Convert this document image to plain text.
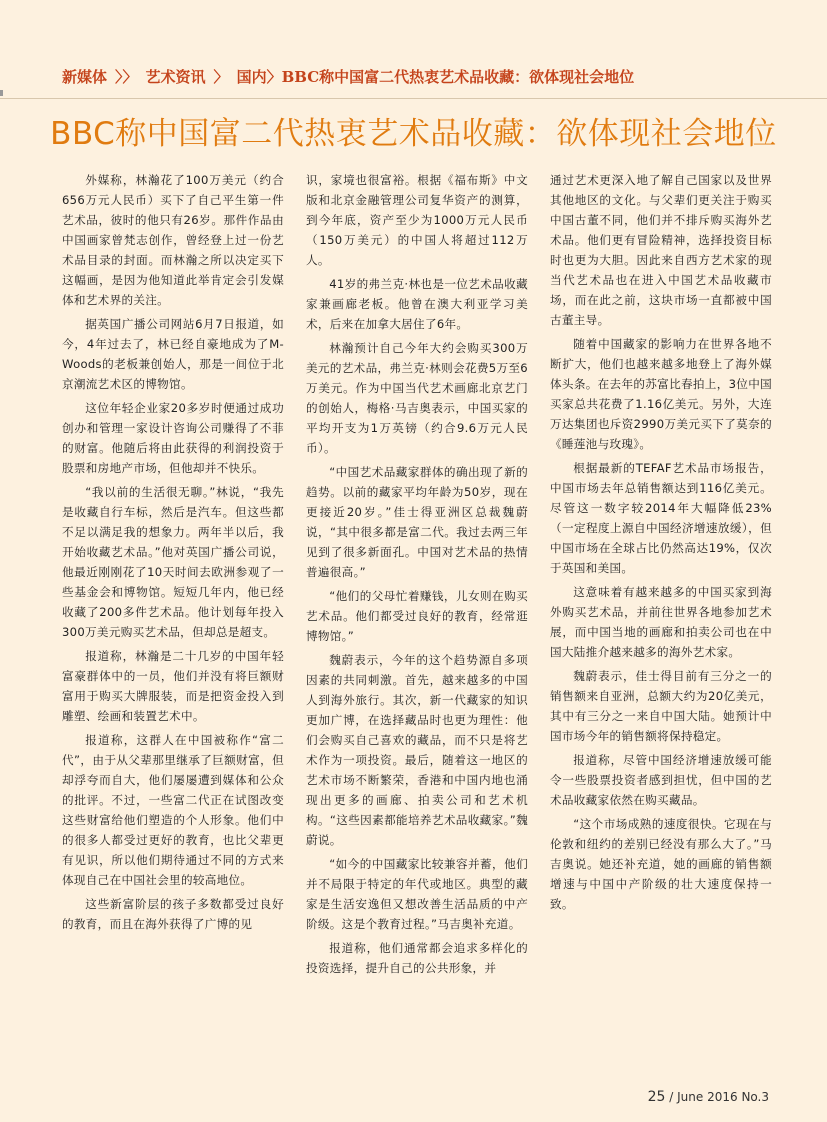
新媒体 〉〉 艺术资讯 〉 国内〉BBC称中国富二代热衷艺术品收藏：欲体现社会地位
BBC称中国富二代热衷艺术品收藏：欲体现社会地位

外媒称，林瀚花了100万美元（约合656万元人民币）买下了自己平生第一件艺术品，彼时的他只有26岁。那件作品由中国画家曾梵志创作，曾经登上过一份艺术品目录的封面。而林瀚之所以决定买下这幅画，是因为他知道此举肯定会引发媒体和艺术界的关注。

据英国广播公司网站6月7日报道，如今，4年过去了，林已经自豪地成为了M-Woods的老板兼创始人，那是一间位于北京潮流艺术区的博物馆。

这位年轻企业家20多岁时便通过成功创办和管理一家设计咨询公司赚得了不菲的财富。他随后将由此获得的利润投资于股票和房地产市场，但他却并不快乐。

“我以前的生活很无聊。”林说，“我先是收藏自行车标，然后是汽车。但这些都不足以满足我的想象力。两年半以后，我开始收藏艺术品。”他对英国广播公司说，他最近刚刚花了10天时间去欧洲参观了一些基金会和博物馆。短短几年内，他已经收藏了200多件艺术品。他计划每年投入300万美元购买艺术品，但却总是超支。

报道称，林瀚是二十几岁的中国年轻富豪群体中的一员，他们并没有将巨额财富用于购买大牌服装，而是把资金投入到雕塑、绘画和装置艺术中。

报道称，这群人在中国被称作“富二代”，由于从父辈那里继承了巨额财富，但却浮夸而自大，他们屡屡遭到媒体和公众的批评。不过，一些富二代正在试图改变这些财富给他们塑造的个人形象。他们中的很多人都受过更好的教育，也比父辈更有见识，所以他们期待通过不同的方式来体现自己在中国社会里的较高地位。

这些新富阶层的孩子多数都受过良好的教育，而且在海外获得了广博的见

识，家境也很富裕。根据《福布斯》中文版和北京金融管理公司复华资产的测算，到今年底，资产至少为1000万元人民币（150万美元）的中国人将超过112万人。

41岁的弗兰克·林也是一位艺术品收藏家兼画廊老板。他曾在澳大利亚学习美术，后来在加拿大居住了6年。

林瀚预计自己今年大约会购买300万美元的艺术品，弗兰克·林则会花费5万至6万美元。作为中国当代艺术画廊北京艺门的创始人，梅格·马吉奥表示，中国买家的平均开支为1万英镑（约合9.6万元人民币）。

“中国艺术品藏家群体的确出现了新的趋势。以前的藏家平均年龄为50岁，现在更接近20岁。”佳士得亚洲区总裁魏蔚说，“其中很多都是富二代。我过去两三年见到了很多新面孔。中国对艺术品的热情普遍很高。”

“他们的父母忙着赚钱，儿女则在购买艺术品。他们都受过良好的教育，经常逛博物馆。”

魏蔚表示，今年的这个趋势源自多项因素的共同刺激。首先，越来越多的中国人到海外旅行。其次，新一代藏家的知识更加广博，在选择藏品时也更为理性：他们会购买自己喜欢的藏品，而不只是将艺术作为一项投资。最后，随着这一地区的艺术市场不断繁荣，香港和中国内地也涌现出更多的画廊、拍卖公司和艺术机构。“这些因素都能培养艺术品收藏家。”魏蔚说。

“如今的中国藏家比较兼容并蓄，他们并不局限于特定的年代或地区。典型的藏家是生活安逸但又想改善生活品质的中产阶级。这是个教育过程。”马吉奥补充道。

报道称，他们通常都会追求多样化的投资选择，提升自己的公共形象，并

通过艺术更深入地了解自己国家以及世界其他地区的文化。与父辈们更关注于购买中国古董不同，他们并不排斥购买海外艺术品。他们更有冒险精神，选择投资目标时也更为大胆。因此来自西方艺术家的现当代艺术品也在进入中国艺术品收藏市场，而在此之前，这块市场一直都被中国古董主导。

随着中国藏家的影响力在世界各地不断扩大，他们也越来越多地登上了海外媒体头条。在去年的苏富比春拍上，3位中国买家总共花费了1.16亿美元。另外，大连万达集团也斥资2990万美元买下了莫奈的《睡莲池与玫瑰》。

根据最新的TEFAF艺术品市场报告，中国市场去年总销售额达到116亿美元。尽管这一数字较2014年大幅降低23%（一定程度上源自中国经济增速放缓），但中国市场在全球占比仍然高达19%，仅次于英国和美国。

这意味着有越来越多的中国买家到海外购买艺术品，并前往世界各地参加艺术展，而中国当地的画廊和拍卖公司也在中国大陆推介越来越多的海外艺术家。

魏蔚表示，佳士得目前有三分之一的销售额来自亚洲，总额大约为20亿美元，其中有三分之一来自中国大陆。她预计中国市场今年的销售额将保持稳定。

报道称，尽管中国经济增速放缓可能令一些股票投资者感到担忧，但中国的艺术品收藏家依然在购买藏品。

“这个市场成熟的速度很快。它现在与伦敦和纽约的差别已经没有那么大了。”马吉奥说。她还补充道，她的画廊的销售额增速与中国中产阶级的壮大速度保持一致。

25 / June 2016 No.3
